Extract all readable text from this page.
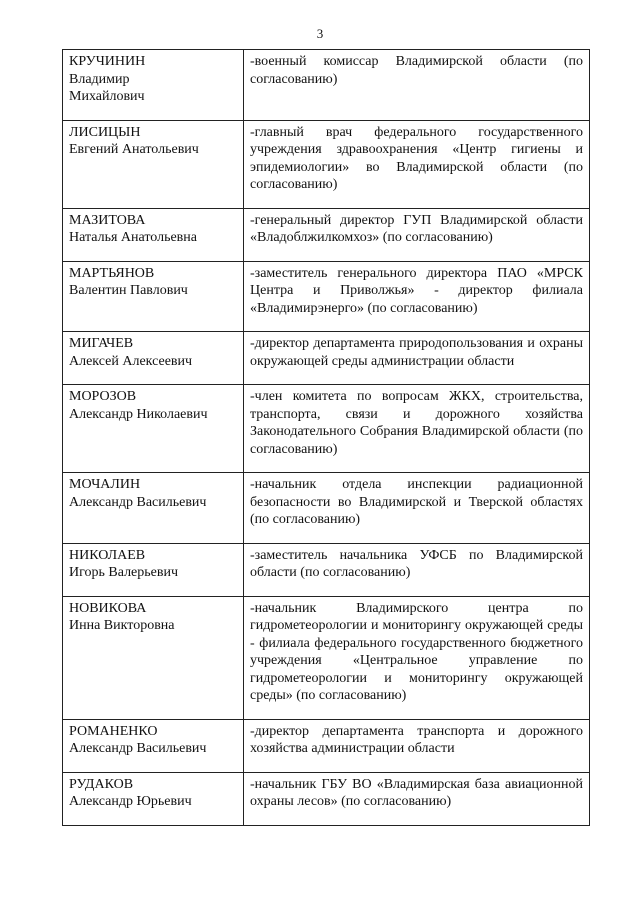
3
КРУЧИНИН
Владимир
Михайлович	-военный комиссар Владимирской области (по согласованию)

ЛИСИЦЫН
Евгений Анатольевич	-главный врач федерального государственного учреждения здравоохранения «Центр гигиены и эпидемиологии» во Владимирской области (по согласованию)

МАЗИТОВА
Наталья Анатольевна	-генеральный директор ГУП Владимирской области «Владоблжилкомхоз» (по согласованию)

МАРТЬЯНОВ
Валентин Павлович	-заместитель генерального директора ПАО «МРСК Центра и Приволжья» - директор филиала «Владимирэнерго» (по согласованию)

МИГАЧЕВ
Алексей Алексеевич	-директор департамента природопользования и охраны окружающей среды администрации области

МОРОЗОВ
Александр Николаевич	-член комитета по вопросам ЖКХ, строительства, транспорта, связи и дорожного хозяйства Законодательного Собрания Владимирской области (по согласованию)

МОЧАЛИН
Александр Васильевич	-начальник отдела инспекции радиационной безопасности во Владимирской и Тверской областях (по согласованию)

НИКОЛАЕВ
Игорь Валерьевич	-заместитель начальника УФСБ по Владимирской области (по согласованию)

НОВИКОВА
Инна Викторовна	-начальник Владимирского центра по гидрометеорологии и мониторингу окружающей среды - филиала федерального государственного бюджетного учреждения «Центральное управление по гидрометеорологии и мониторингу окружающей среды» (по согласованию)

РОМАНЕНКО
Александр Васильевич	-директор департамента транспорта и дорожного хозяйства администрации области

РУДАКОВ
Александр Юрьевич	-начальник ГБУ ВО «Владимирская база авиационной охраны лесов» (по согласованию)
